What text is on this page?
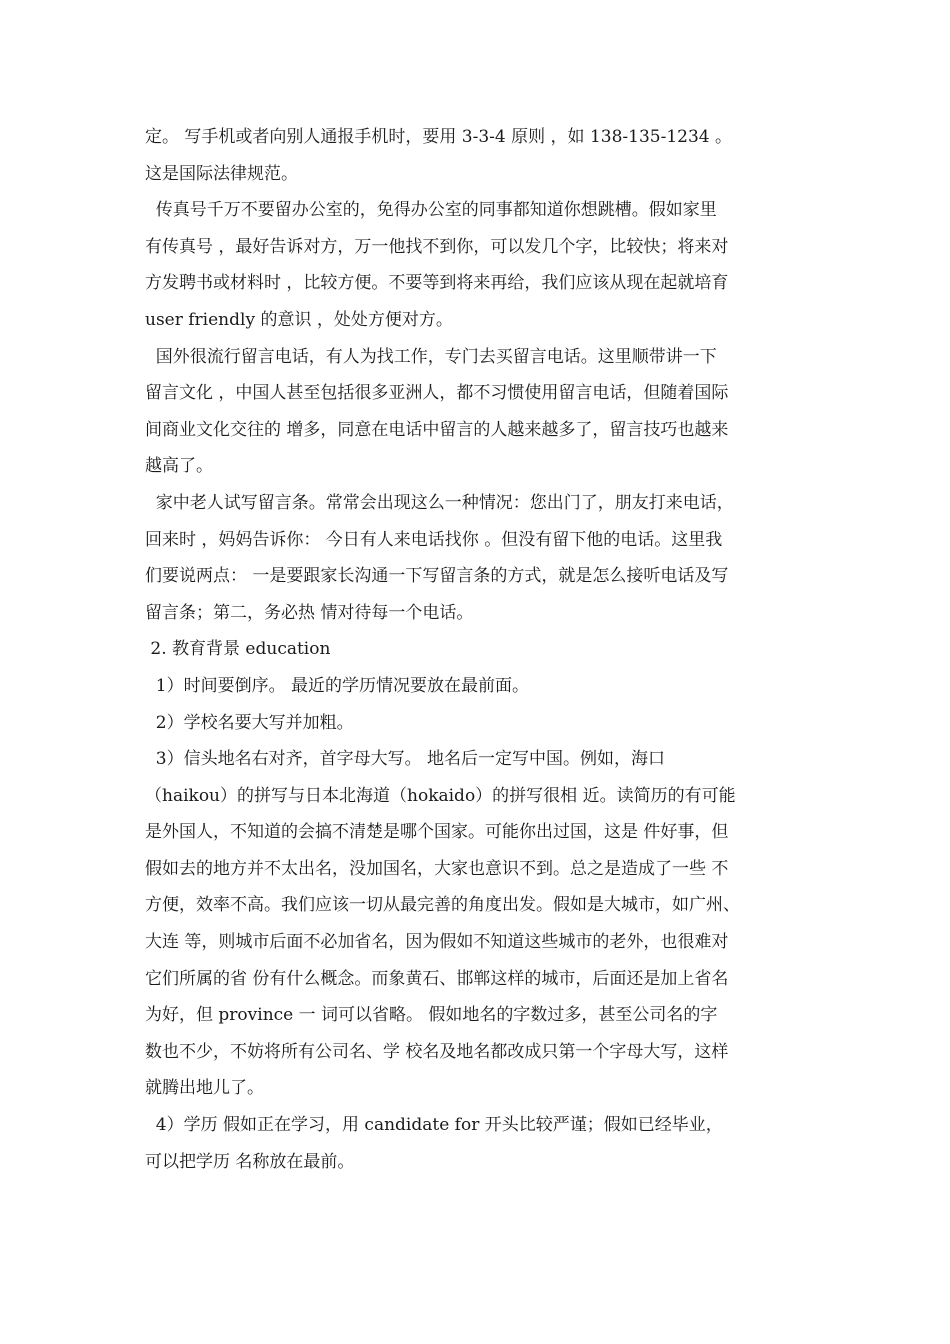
定。 写手机或者向别人通报手机时，要用 3-3-4 原则 ，如 138-135-1234 。
这是国际法律规范。
传真号千万不要留办公室的，免得办公室的同事都知道你想跳槽。假如家里
有传真号 ，最好告诉对方，万一他找不到你，可以发几个字，比较快；将来对
方发聘书或材料时 ，比较方便。不要等到将来再给，我们应该从现在起就培育
user friendly 的意识 ，处处方便对方。
国外很流行留言电话，有人为找工作，专门去买留言电话。这里顺带讲一下
留言文化 ，中国人甚至包括很多亚洲人，都不习惯使用留言电话，但随着国际
间商业文化交往的 增多，同意在电话中留言的人越来越多了，留言技巧也越来
越高了。
家中老人试写留言条。常常会出现这么一种情况：您出门了，朋友打来电话，
回来时 ，妈妈告诉你： 今日有人来电话找你 。但没有留下他的电话。这里我
们要说两点： 一是要跟家长沟通一下写留言条的方式，就是怎么接听电话及写
留言条；第二，务必热 情对待每一个电话。
2. 教育背景 education
1）时间要倒序。 最近的学历情况要放在最前面。
2）学校名要大写并加粗。
3）信头地名右对齐，首字母大写。 地名后一定写中国。例如，海口
（haikou）的拼写与日本北海道（hokaido）的拼写很相 近。读简历的有可能
是外国人，不知道的会搞不清楚是哪个国家。可能你出过国，这是 件好事，但
假如去的地方并不太出名，没加国名，大家也意识不到。总之是造成了一些 不
方便，效率不高。我们应该一切从最完善的角度出发。假如是大城市，如广州、
大连 等，则城市后面不必加省名，因为假如不知道这些城市的老外，也很难对
它们所属的省 份有什么概念。而象黄石、邯郸这样的城市，后面还是加上省名
为好，但 province 一 词可以省略。 假如地名的字数过多，甚至公司名的字
数也不少，不妨将所有公司名、学 校名及地名都改成只第一个字母大写，这样
就腾出地儿了。
4）学历 假如正在学习，用 candidate for 开头比较严谨；假如已经毕业，
可以把学历 名称放在最前。
